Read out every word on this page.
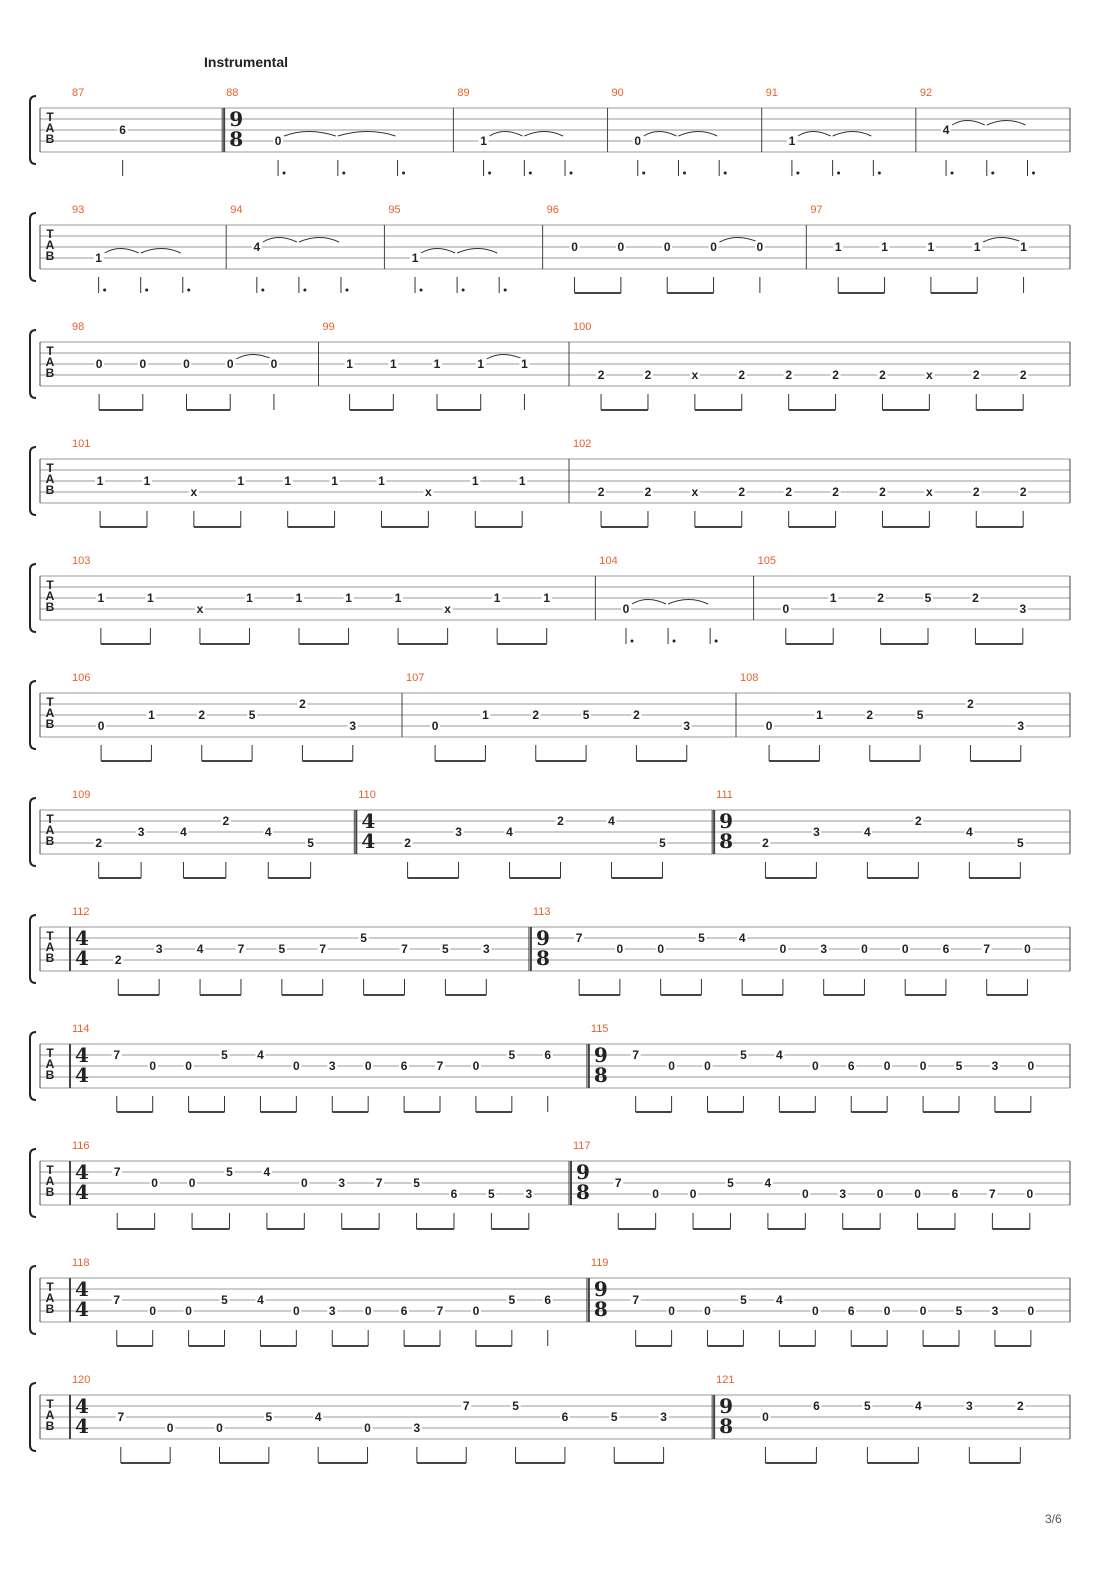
Instrumental
T
A
B
87
6
88
9
8	0
89
1
90
0
91
1
92
4
T
A
B
93
1
94
4
95
1
96
0	0	0	0	0
97
1	1	1	1	1
T
A
B
98
0	0	0	0	0
99
1	1	1	1	1
100
2	2	x	2	2	2	2	x	2	2
T
A
B
101
1	1
x
1	1	1	1
x
1	1
102
2	2	x	2	2	2	2	x	2	2
T
A
B
103
1	1
x
1	1	1	1
x
1	1
104
0
105
0
1	2	5	2
3
T
A
B
106
0
1	2	5
2
3
107
0
1	2	5	2
3
108
0
1	2	5
2
3
T
A
B
109
2
3	4
2
4
5
110
4
4 2
3	4
2	4
5
111
9
8 2
3	4
2
4
5
T
A
B
112
4
4 2
3	4	7	5	7
5
7	5	3
113
9
8
7
0	0
5	4
0	3	0	0	6	7	0
T
A
B
114
4
4
7
0 0
5 4
0 3 0 6 7 0
5 6
115
9
8
7
0 0
5 4
0 6 0 0 5 3 0
T
A
B
116
4
4
7
0	0
5	4
0	3	7	5
6	5	3
117
9
8 7
0	0
5	4
0	3	0	0	6	7	0
T
A
B
118
4
4 7
0 0
5 4
0 3 0 6 7 0
5 6
119
9
8 7
0 0
5 4
0 6 0 0 5 3 0
T
A
B
120
4
4 7
0	0
5	4
0	3
7	5
6	5	3
121
9
8 0
6	5	4	3	2
3/6
